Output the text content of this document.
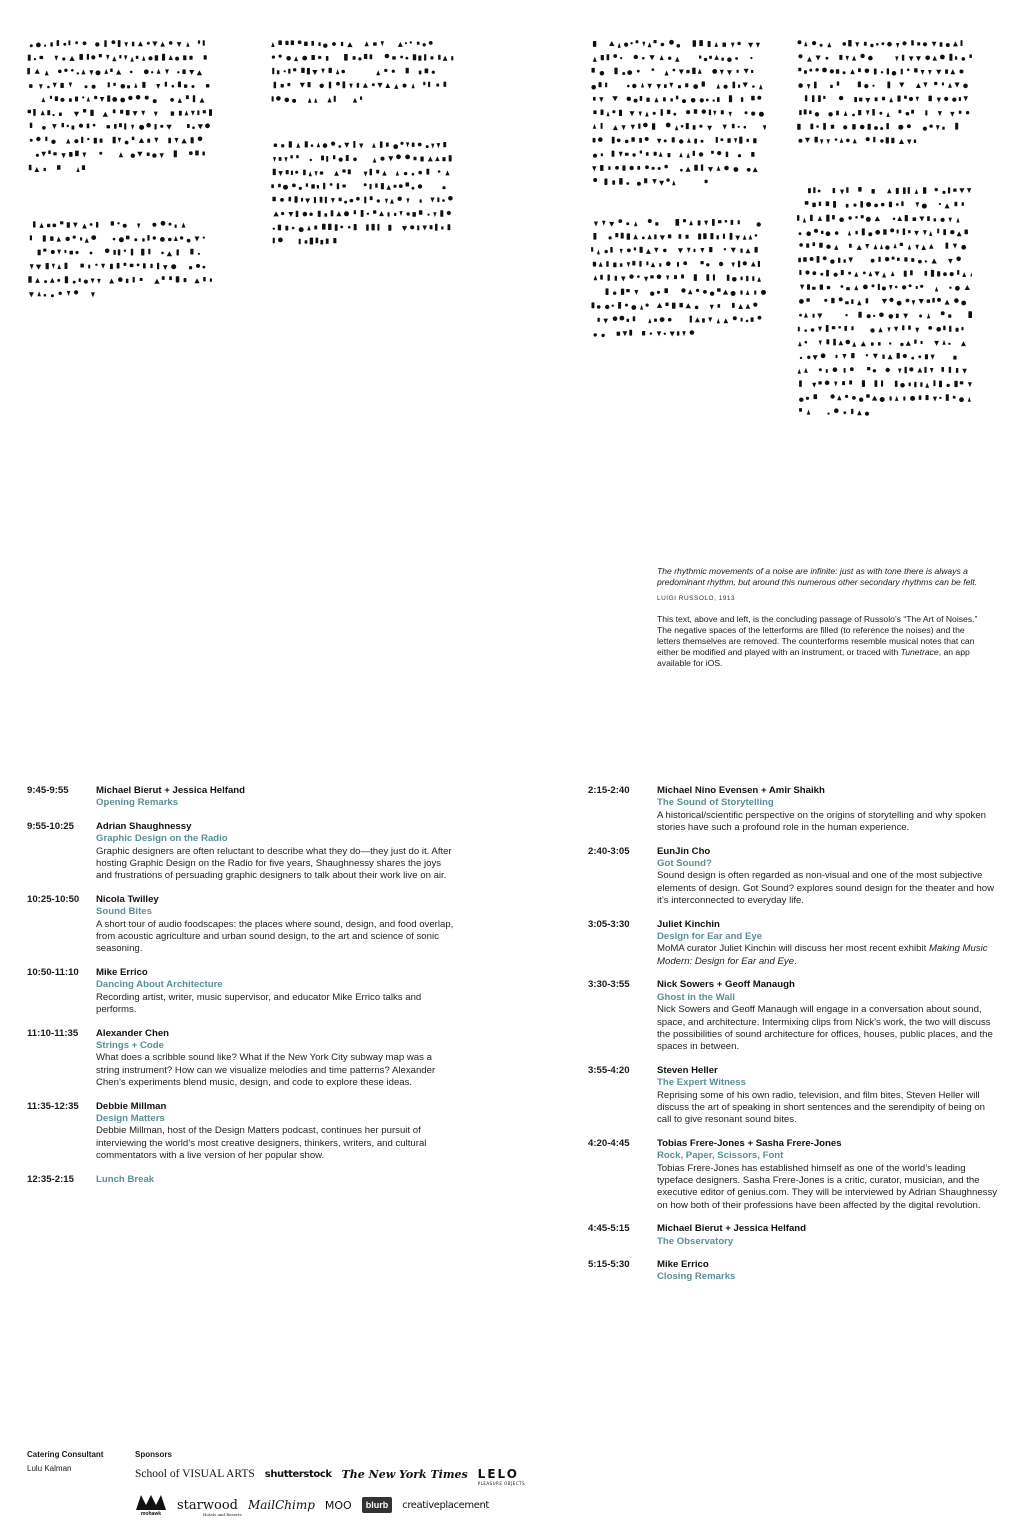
The rhythmic movements of a noise are infinite: just as with tone there is always a predominant rhythm, but around this numerous other secondary rhythms can be felt.

LUIGI RUSSOLO, 1913
This text, above and left, is the concluding passage of Russolo’s “The Art of Noises.” The negative spaces of the letterforms are filled (to reference the noises) and the letters themselves are removed. The counterforms resemble musical notes that can either be modified and played with an instrument, or traced with Tunetrace, an app available for iOS.
9:45-9:55	Michael Bierut + Jessica Helfand
Opening Remarks
9:55-10:25	Adrian Shaughnessy
Graphic Design on the Radio
Graphic designers are often reluctant to describe what they do—they just do it. After hosting Graphic Design on the Radio for five years, Shaughnessy shares the joys and frustrations of persuading graphic designers to talk about their work live on air.
10:25-10:50	Nicola Twilley
Sound Bites
A short tour of audio foodscapes: the places where sound, design, and food overlap, from acoustic agriculture and urban sound design, to the art and science of sonic seasoning.
10:50-11:10	Mike Errico
Dancing About Architecture
Recording artist, writer, music supervisor, and educator Mike Errico talks and performs.
11:10-11:35	Alexander Chen
Strings + Code
What does a scribble sound like? What if the New York City subway map was a string instrument? How can we visualize melodies and time patterns? Alexander Chen’s experiments blend music, design, and code to explore these ideas.
11:35-12:35	Debbie Millman
Design Matters
Debbie Millman, host of the Design Matters podcast, continues her pursuit of interviewing the world’s most creative designers, thinkers, writers, and cultural commentators with a live version of her popular show.
12:35-2:15	Lunch Break
2:15-2:40	Michael Nino Evensen + Amir Shaikh
The Sound of Storytelling
A historical/scientific perspective on the origins of storytelling and why spoken stories have such a profound role in the human experience.
2:40-3:05	EunJin Cho
Got Sound?
Sound design is often regarded as non-visual and one of the most subjective elements of design. Got Sound? explores sound design for the theater and how it’s interconnected to everyday life.
3:05-3:30	Juliet Kinchin
Design for Ear and Eye
MoMA curator Juliet Kinchin will discuss her most recent exhibit Making Music Modern: Design for Ear and Eye.
3:30-3:55	Nick Sowers + Geoff Manaugh
Ghost in the Wall
Nick Sowers and Geoff Manaugh will engage in a conversation about sound, space, and architecture. Intermixing clips from Nick’s work, the two will discuss the possibilities of sound architecture for offices, houses, public places, and the spaces in between.
3:55-4:20	Steven Heller
The Expert Witness
Reprising some of his own radio, television, and film bites, Steven Heller will discuss the art of speaking in short sentences and the serendipity of being on call to give resonant sound bites.
4:20-4:45	Tobias Frere-Jones + Sasha Frere-Jones
Rock, Paper, Scissors, Font
Tobias Frere-Jones has established himself as one of the world’s leading typeface designers. Sasha Frere-Jones is a critic, curator, musician, and the executive editor of genius.com. They will be interviewed by Adrian Shaughnessy on how both of their professions have been affected by the digital revolution.
4:45-5:15	Michael Bierut + Jessica Helfand
The Observatory
5:15-5:30	Mike Errico
Closing Remarks
Catering Consultant
Lulu Kalman
Sponsors
School of VISUAL ARTS shutterstock The New York Times LELO
PLEASURE OBJECTS
mohawk
starwood
Hotels and Resorts
MailChimp MOO	blurb	creativeplacement
